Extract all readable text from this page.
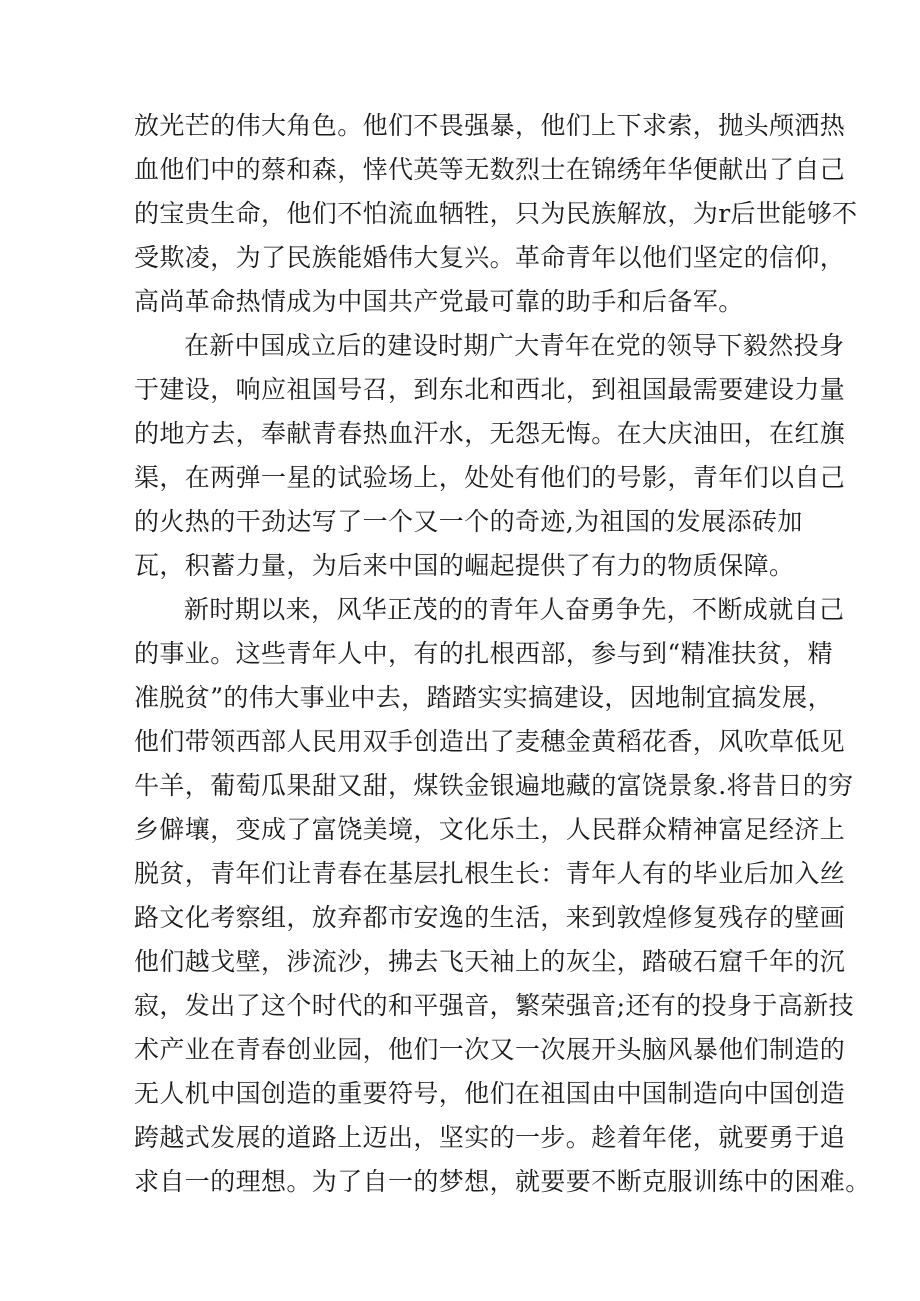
放光芒的伟大角色。他们不畏强暴，他们上下求索，抛头颅洒热
血他们中的蔡和森，悻代英等无数烈士在锦绣年华便献出了自己
的宝贵生命，他们不怕流血牺牲，只为民族解放，为r后世能够不
受欺凌，为了民族能婚伟大复兴。革命青年以他们坚定的信仰，
高尚革命热情成为中国共产党最可靠的助手和后备军。
在新中国成立后的建设时期广大青年在党的领导下毅然投身
于建设，响应祖国号召，到东北和西北，到祖国最需要建设力量
的地方去，奉献青春热血汗水，无怨无悔。在大庆油田，在红旗
渠，在两弹一星的试验场上，处处有他们的号影，青年们以自己
的火热的干劲达写了一个又一个的奇迹,为祖国的发展添砖加
瓦，积蓄力量，为后来中国的崛起提供了有力的物质保障。
新时期以来，风华正茂的的青年人奋勇争先，不断成就自己
的事业。这些青年人中，有的扎根西部，参与到“精准扶贫，精
准脱贫”的伟大事业中去，踏踏实实搞建设，因地制宜搞发展，
他们带领西部人民用双手创造出了麦穗金黄稻花香，风吹草低见
牛羊，葡萄瓜果甜又甜，煤铁金银遍地藏的富饶景象.将昔日的穷
乡僻壤，变成了富饶美境，文化乐土，人民群众精神富足经济上
脱贫，青年们让青春在基层扎根生长：青年人有的毕业后加入丝
路文化考察组，放弃都市安逸的生活，来到敦煌修复残存的壁画
他们越戈壁，涉流沙，拂去飞天袖上的灰尘，踏破石窟千年的沉
寂，发出了这个时代的和平强音，繁荣强音;还有的投身于高新技
术产业在青春创业园，他们一次又一次展开头脑风暴他们制造的
无人机中国创造的重要符号，他们在祖国由中国制造向中国创造
跨越式发展的道路上迈出，坚实的一步。趁着年佬，就要勇于追
求自一的理想。为了自一的梦想，就要要不断克服训练中的困难。
